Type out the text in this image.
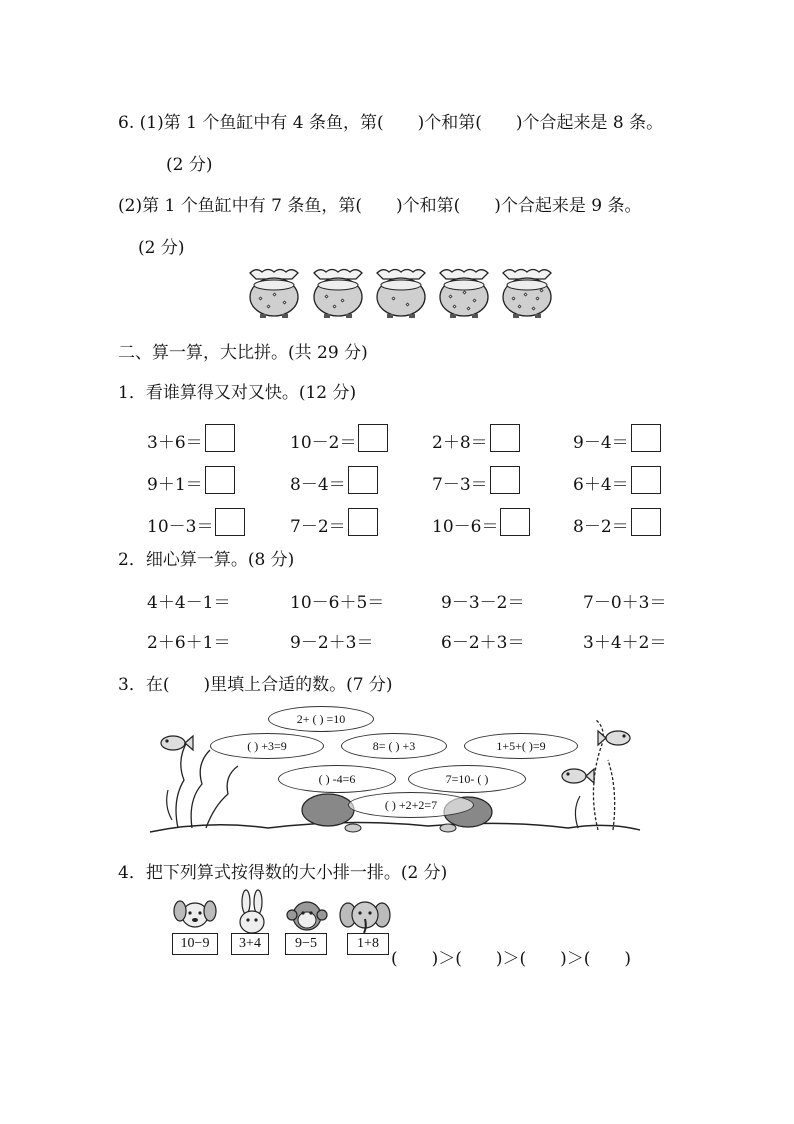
6. (1)第 1 个鱼缸中有 4 条鱼，第(　　)个和第(　　)个合起来是 8 条。
(2 分)
(2)第 1 个鱼缸中有 7 条鱼，第(　　)个和第(　　)个合起来是 9 条。
(2 分)
⋄ ⋄
⋄
⋄
⋄ ⋄
⋄
⋄
⋄
⋄ ⋄
⋄
⋄ ⋄
⋄ ⋄ ⋄
⋄ ⋄
⋄
二、算一算，大比拼。(共 29 分)
1．看谁算得又对又快。(12 分)
3＋6＝	10－2＝	2＋8＝	9－4＝
9＋1＝	8－4＝	7－3＝	6＋4＝
10－3＝	7－2＝	10－6＝	8－2＝
2．细心算一算。(8 分)
4＋4－1＝	10－6＋5＝	9－3－2＝	7－0＋3＝
2＋6＋1＝	9－2＋3＝	6－2＋3＝	3＋4＋2＝
3．在(　　)里填上合适的数。(7 分)
2+ ( ) =10
( ) +3=9	8= ( ) +3	1+5+( )=9
( ) -4=6	7=10- ( )
( ) +2+2=7
4．把下列算式按得数的大小排一排。(2 分)
10−9	3+4	9−5	1+8
(　　)＞(　　)＞(　　)＞(　　)
